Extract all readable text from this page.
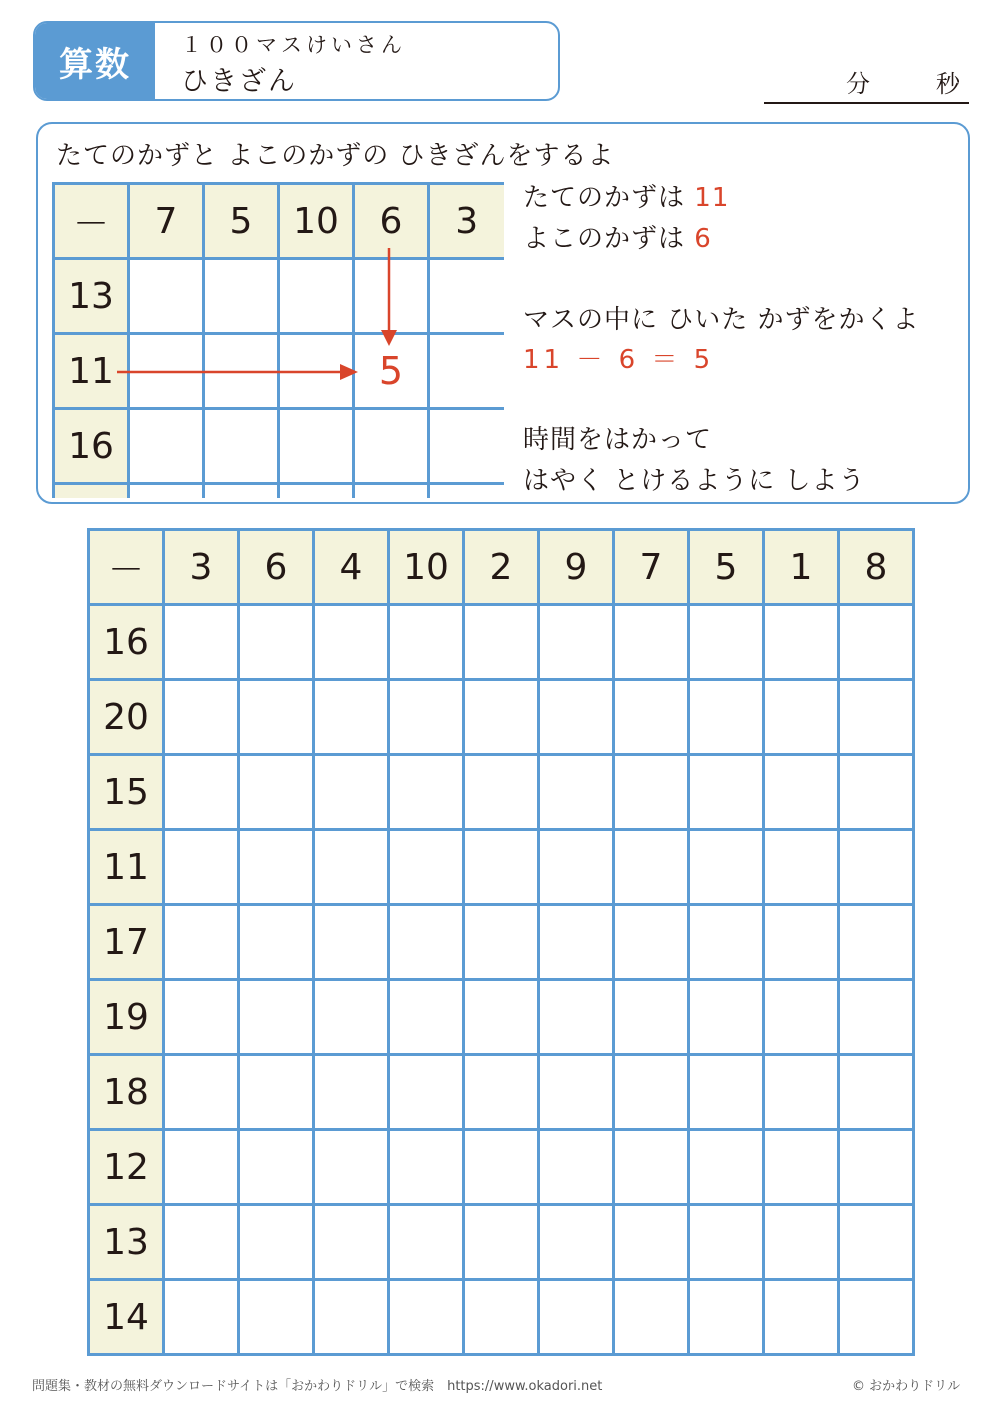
算数	１００マスけいさん
ひきざん	分	秒
たてのかずと よこのかずの ひきざんをするよ
－	7	5	10	6	3
13					
11				5	
16					

たてのかずは 11
よこのかずは 6
マスの中に ひいた かずをかくよ
11 － 6 ＝ 5
時間をはかって
はやく とけるように しよう
－	3	6	4	10	2	9	7	5	1	8
16										
20										
15										
11										
17										
19										
18										
12										
13										
14										
問題集・教材の無料ダウンロードサイトは「おかわりドリル」で検索　https://www.okadori.net	© おかわりドリル
